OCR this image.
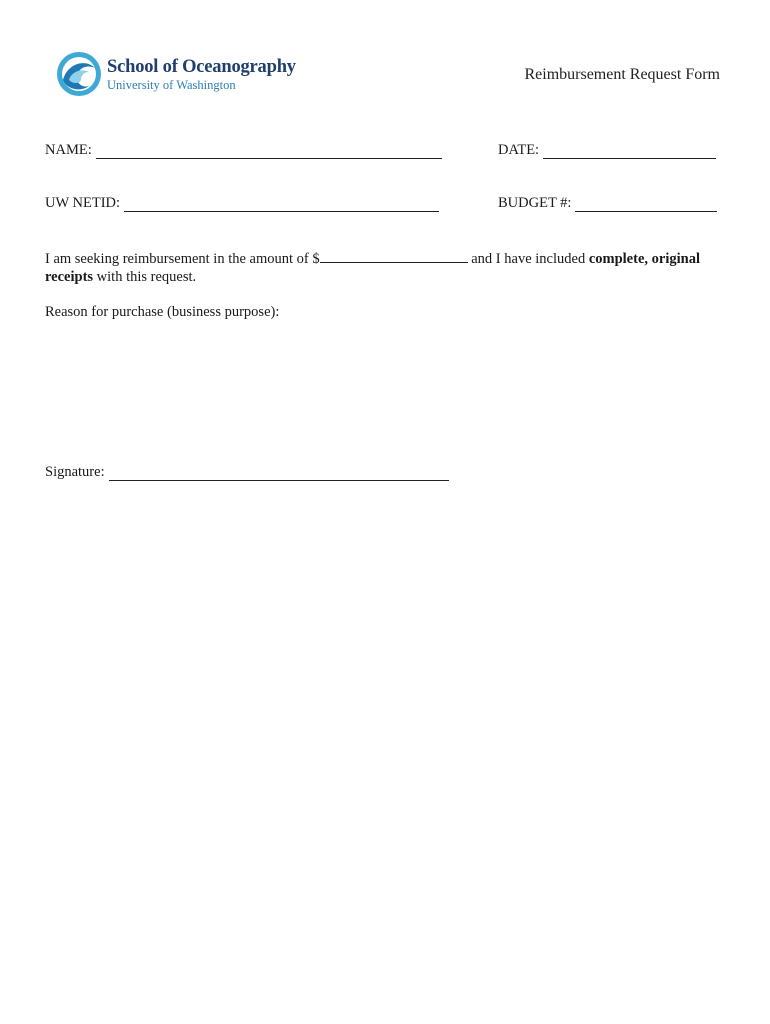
School of Oceanography
University of Washington
Reimbursement Request Form
NAME:	DATE:
UW NETID:	BUDGET #:
I am seeking reimbursement in the amount of $	and I have included complete, original receipts with this request.
Reason for purchase (business purpose):
Signature:
